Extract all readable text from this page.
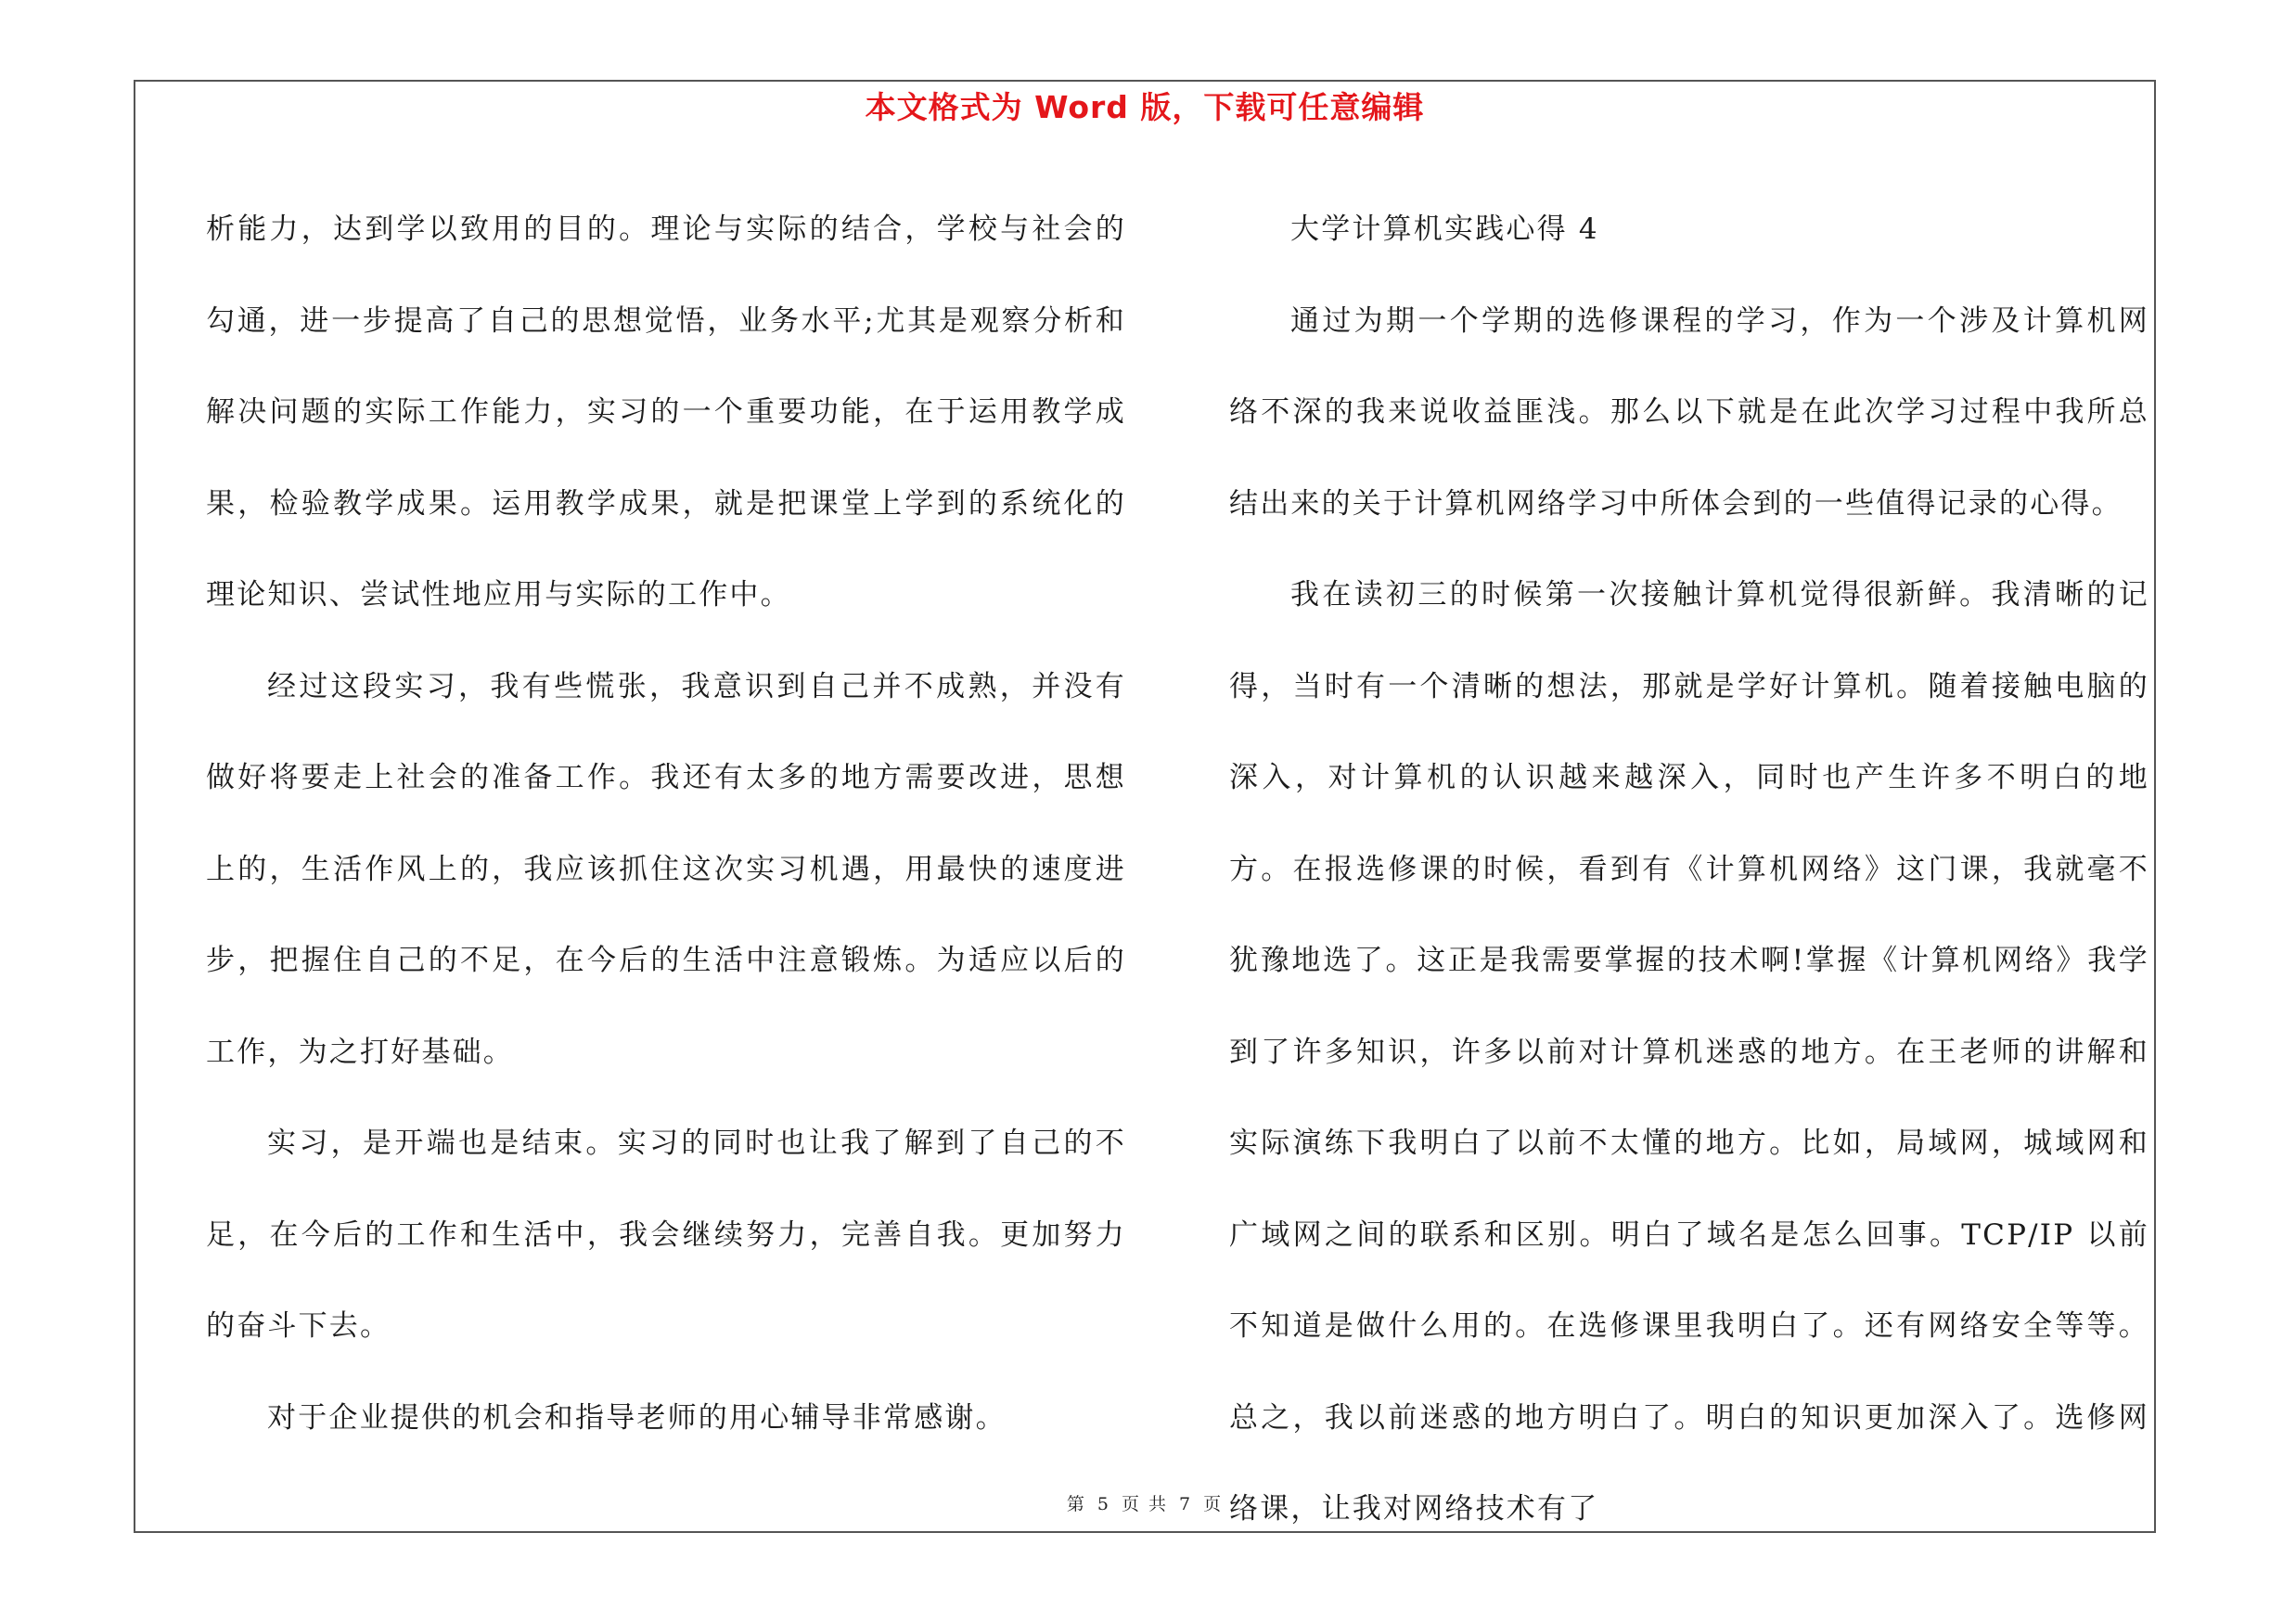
本文格式为 Word 版，下载可任意编辑

析能力，达到学以致用的目的。理论与实际的结合，学校与社会的勾通，进一步提高了自己的思想觉悟，业务水平;尤其是观察分析和解决问题的实际工作能力，实习的一个重要功能，在于运用教学成果，检验教学成果。运用教学成果，就是把课堂上学到的系统化的理论知识、尝试性地应用与实际的工作中。

经过这段实习，我有些慌张，我意识到自己并不成熟，并没有做好将要走上社会的准备工作。我还有太多的地方需要改进，思想上的，生活作风上的，我应该抓住这次实习机遇，用最快的速度进步，把握住自己的不足，在今后的生活中注意锻炼。为适应以后的工作，为之打好基础。

实习，是开端也是结束。实习的同时也让我了解到了自己的不足，在今后的工作和生活中，我会继续努力，完善自我。更加努力的奋斗下去。

对于企业提供的机会和指导老师的用心辅导非常感谢。

大学计算机实践心得 4

通过为期一个学期的选修课程的学习，作为一个涉及计算机网络不深的我来说收益匪浅。那么以下就是在此次学习过程中我所总结出来的关于计算机网络学习中所体会到的一些值得记录的心得。

我在读初三的时候第一次接触计算机觉得很新鲜。我清晰的记得，当时有一个清晰的想法，那就是学好计算机。随着接触电脑的深入，对计算机的认识越来越深入，同时也产生许多不明白的地方。在报选修课的时候，看到有《计算机网络》这门课，我就毫不犹豫地选了。这正是我需要掌握的技术啊!掌握《计算机网络》我学到了许多知识，许多以前对计算机迷惑的地方。在王老师的讲解和实际演练下我明白了以前不太懂的地方。比如，局域网，城域网和广域网之间的联系和区别。明白了域名是怎么回事。TCP/IP 以前不知道是做什么用的。在选修课里我明白了。还有网络安全等等。总之，我以前迷惑的地方明白了。明白的知识更加深入了。选修网络课，让我对网络技术有了

第 5 页 共 7 页
